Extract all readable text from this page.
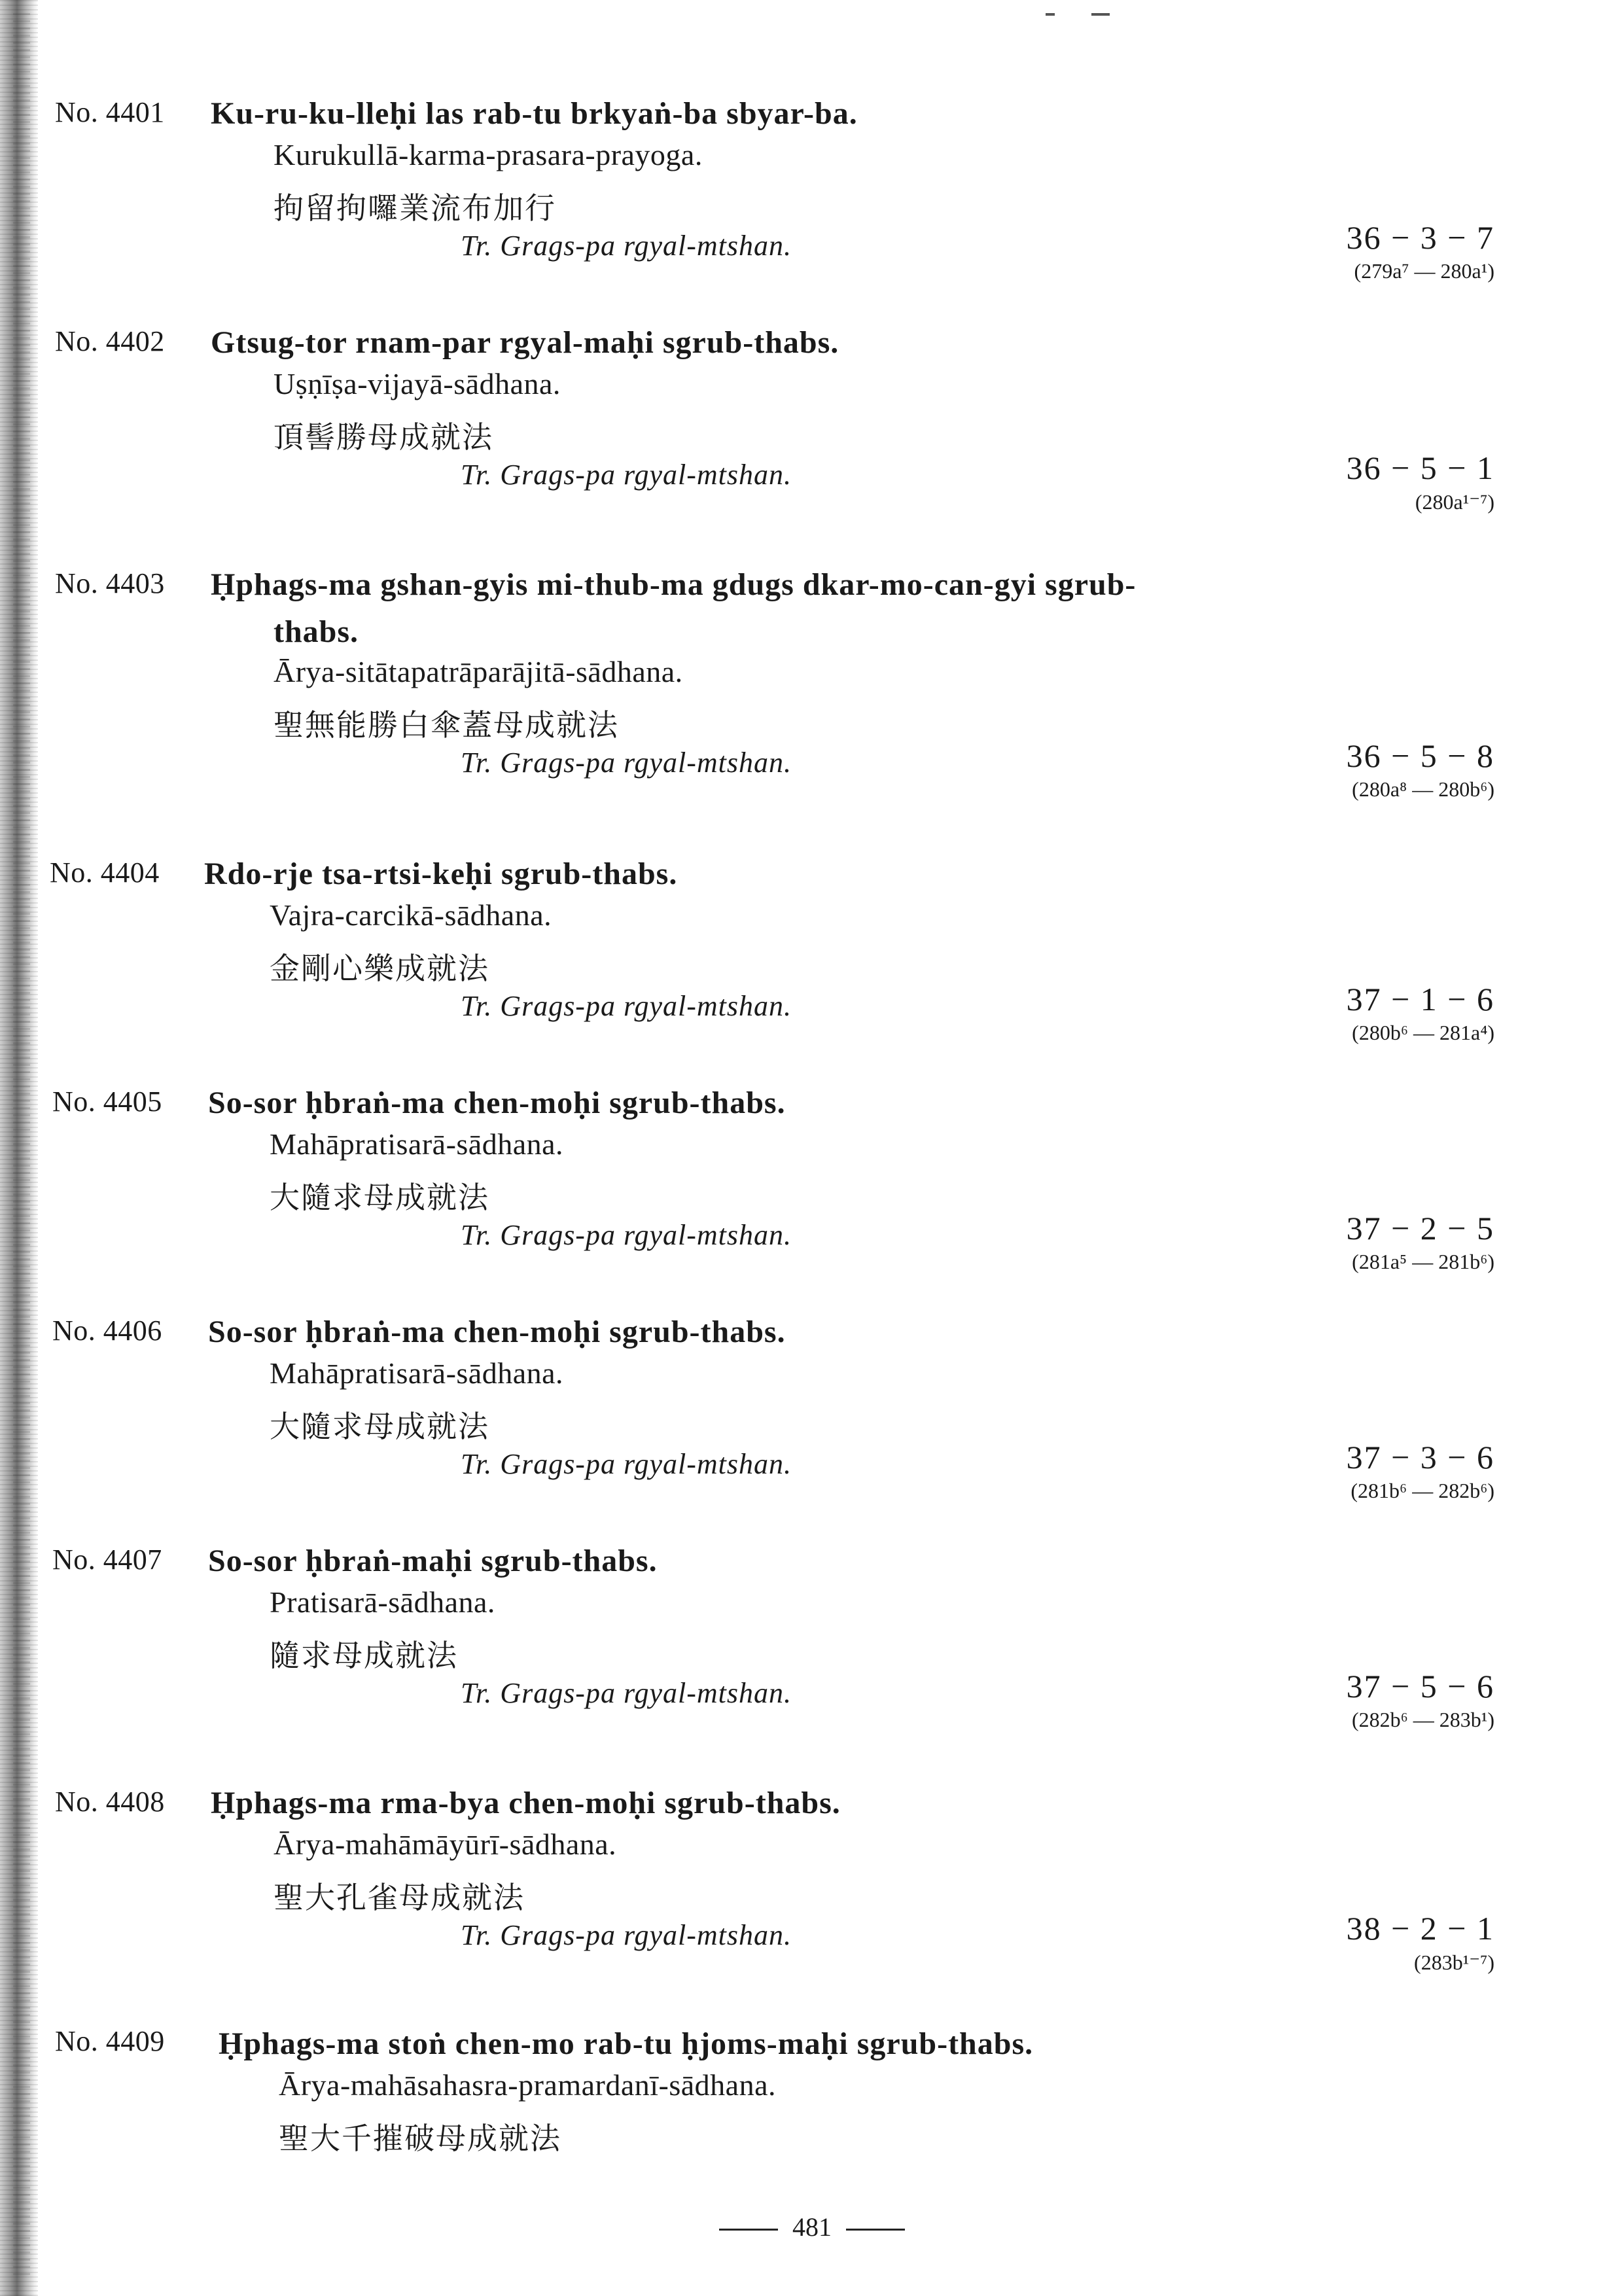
No. 4401 Ku-ru-ku-lleḥi las rab-tu brkyaṅ-ba sbyar-ba.
Kurukullā-karma-prasara-prayoga.
拘留拘囉業流布加行
Tr. Grags-pa rgyal-mtshan.	36 − 3 − 7
(279a⁷ — 280a¹)
No. 4402 Gtsug-tor rnam-par rgyal-maḥi sgrub-thabs.
Uṣṇīṣa-vijayā-sādhana.
頂髻勝母成就法
Tr. Grags-pa rgyal-mtshan.	36 − 5 − 1
(280a¹⁻⁷)
No. 4403 Ḥphags-ma gshan-gyis mi-thub-ma gdugs dkar-mo-can-gyi sgrub-
thabs.
Ārya-sitātapatrāparājitā-sādhana.
聖無能勝白傘蓋母成就法
Tr. Grags-pa rgyal-mtshan.	36 − 5 − 8
(280a⁸ — 280b⁶)
No. 4404 Rdo-rje tsa-rtsi-keḥi sgrub-thabs.
Vajra-carcikā-sādhana.
金剛心樂成就法
Tr. Grags-pa rgyal-mtshan.	37 − 1 − 6
(280b⁶ — 281a⁴)
No. 4405 So-sor ḥbraṅ-ma chen-moḥi sgrub-thabs.
Mahāpratisarā-sādhana.
大隨求母成就法
Tr. Grags-pa rgyal-mtshan.	37 − 2 − 5
(281a⁵ — 281b⁶)
No. 4406 So-sor ḥbraṅ-ma chen-moḥi sgrub-thabs.
Mahāpratisarā-sādhana.
大隨求母成就法
Tr. Grags-pa rgyal-mtshan.	37 − 3 − 6
(281b⁶ — 282b⁶)
No. 4407 So-sor ḥbraṅ-maḥi sgrub-thabs.
Pratisarā-sādhana.
隨求母成就法
Tr. Grags-pa rgyal-mtshan.	37 − 5 − 6
(282b⁶ — 283b¹)
No. 4408 Ḥphags-ma rma-bya chen-moḥi sgrub-thabs.
Ārya-mahāmāyūrī-sādhana.
聖大孔雀母成就法
Tr. Grags-pa rgyal-mtshan.	38 − 2 − 1
(283b¹⁻⁷)
No. 4409 Ḥphags-ma stoṅ chen-mo rab-tu ḥjoms-maḥi sgrub-thabs.
Ārya-mahāsahasra-pramardanī-sādhana.
聖大千摧破母成就法
481
